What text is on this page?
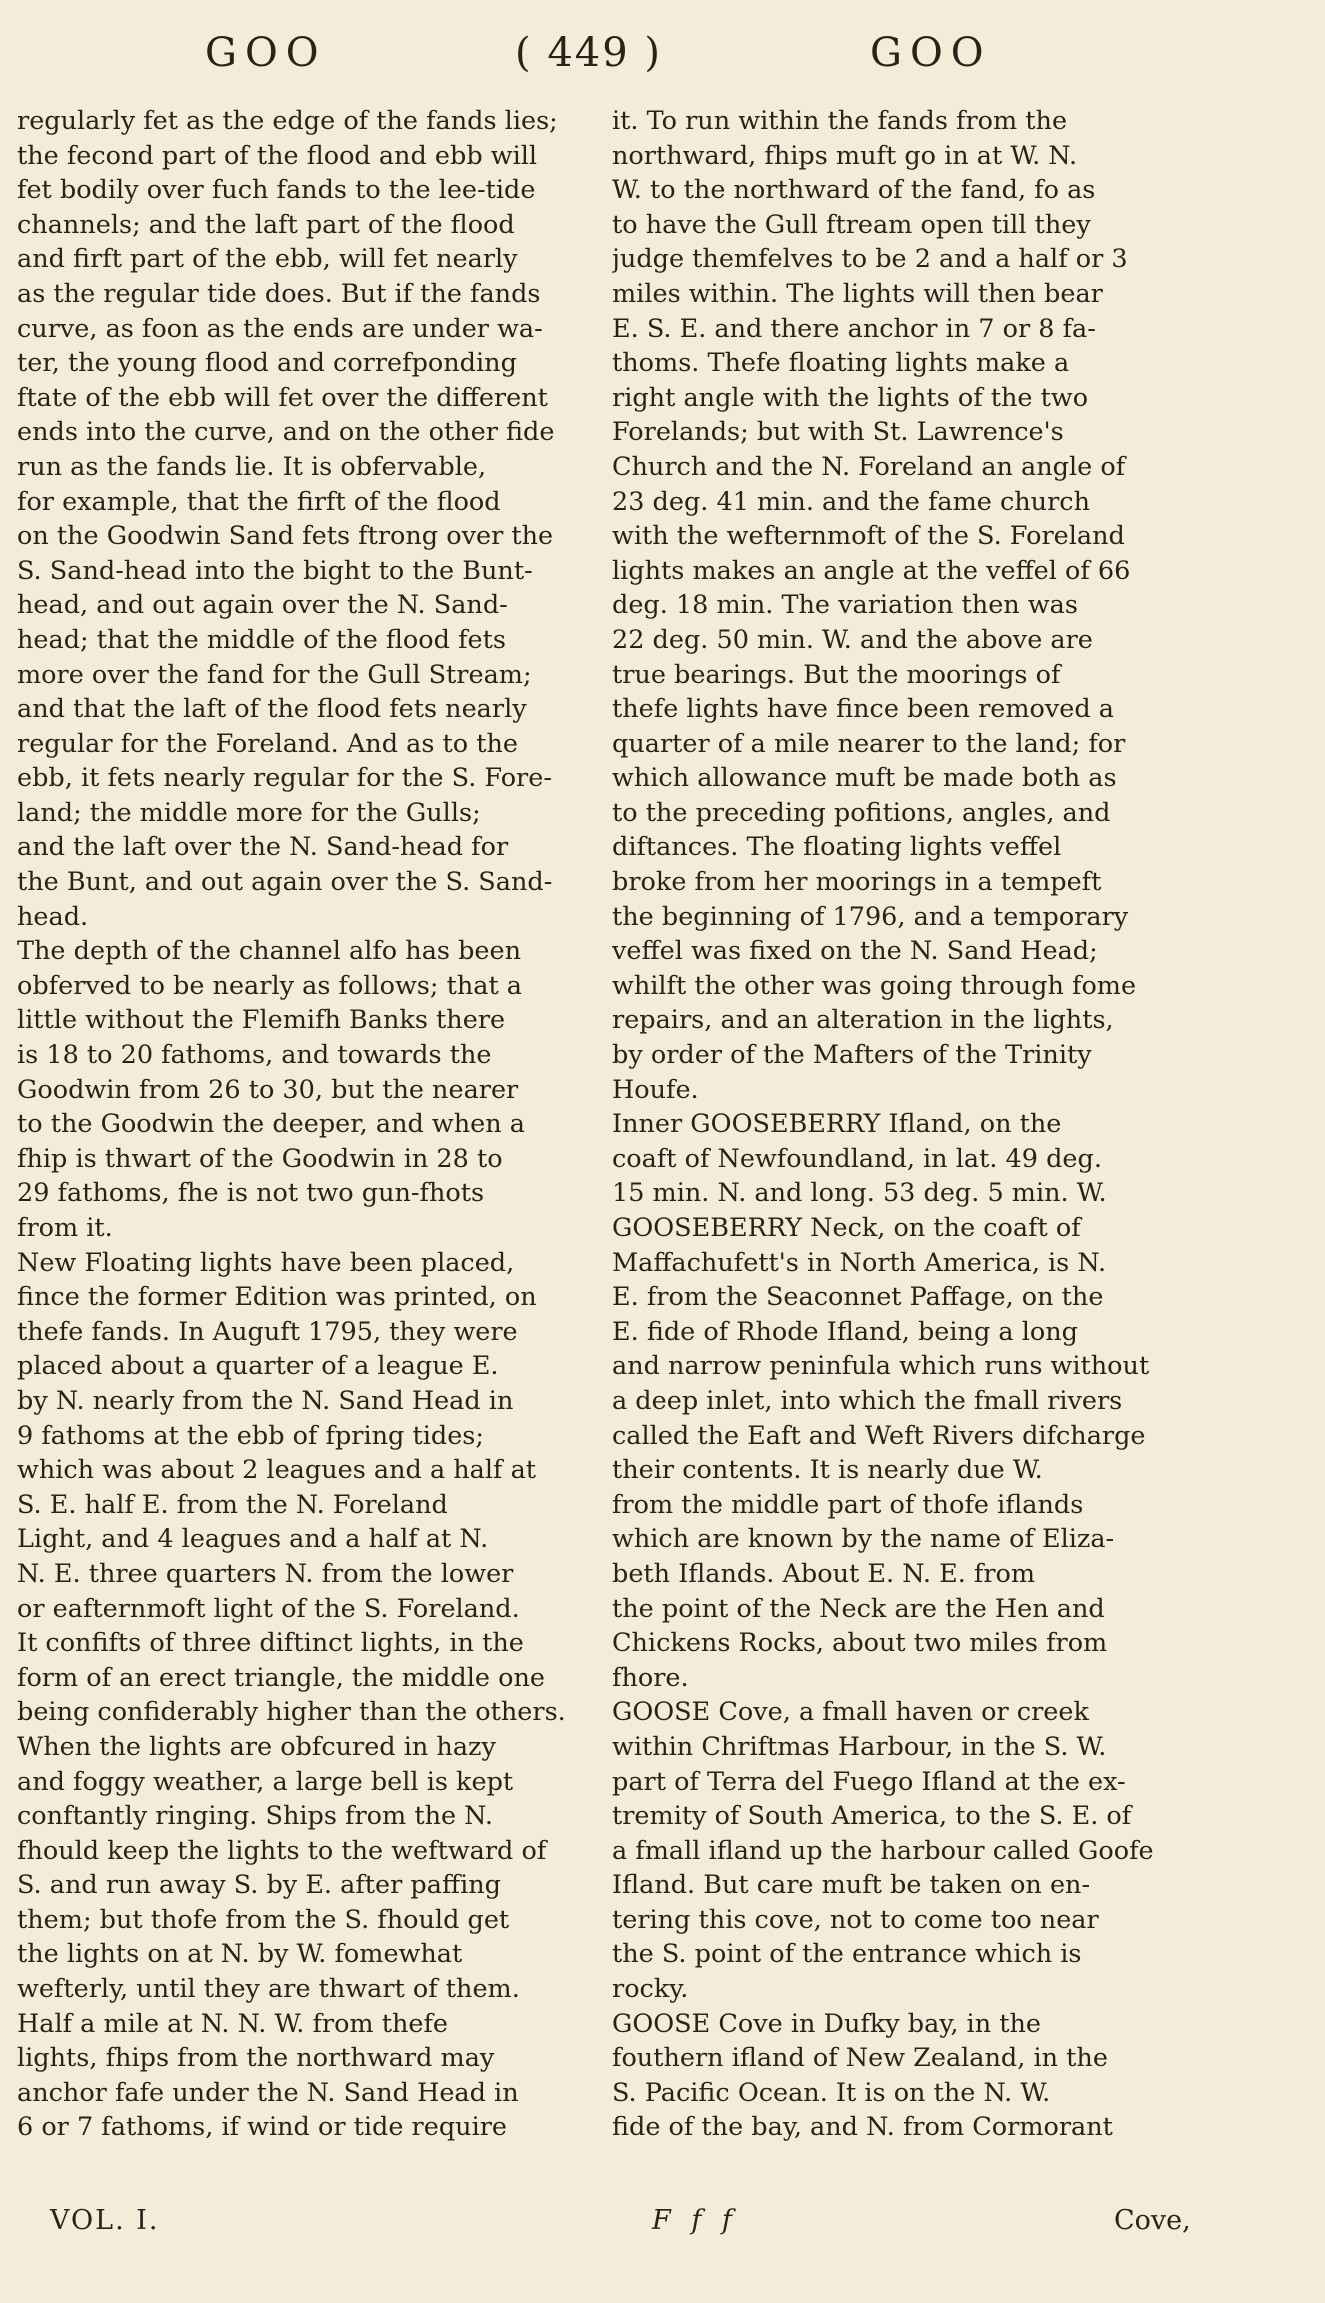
GOO	( 449 )	GOO
regularly fet as the edge of the fands lies;
the fecond part of the flood and ebb will
fet bodily over fuch fands to the lee-tide
channels; and the laft part of the flood
and firft part of the ebb, will fet nearly
as the regular tide does. But if the fands
curve, as foon as the ends are under wa-
ter, the young flood and correfponding
ftate of the ebb will fet over the different
ends into the curve, and on the other fide
run as the fands lie. It is obfervable,
for example, that the firft of the flood
on the Goodwin Sand fets ftrong over the
S. Sand-head into the bight to the Bunt-
head, and out again over the N. Sand-
head; that the middle of the flood fets
more over the fand for the Gull Stream;
and that the laft of the flood fets nearly
regular for the Foreland. And as to the
ebb, it fets nearly regular for the S. Fore-
land; the middle more for the Gulls;
and the laft over the N. Sand-head for
the Bunt, and out again over the S. Sand-
head.
The depth of the channel alfo has been
obferved to be nearly as follows; that a
little without the Flemifh Banks there
is 18 to 20 fathoms, and towards the
Goodwin from 26 to 30, but the nearer
to the Goodwin the deeper, and when a
fhip is thwart of the Goodwin in 28 to
29 fathoms, fhe is not two gun-fhots
from it.
New Floating lights have been placed,
fince the former Edition was printed, on
thefe fands. In Auguft 1795, they were
placed about a quarter of a league E.
by N. nearly from the N. Sand Head in
9 fathoms at the ebb of fpring tides;
which was about 2 leagues and a half at
S. E. half E. from the N. Foreland
Light, and 4 leagues and a half at N.
N. E. three quarters N. from the lower
or eafternmoft light of the S. Foreland.
It confifts of three diftinct lights, in the
form of an erect triangle, the middle one
being confiderably higher than the others.
When the lights are obfcured in hazy
and foggy weather, a large bell is kept
conftantly ringing. Ships from the N.
fhould keep the lights to the weftward of
S. and run away S. by E. after paffing
them; but thofe from the S. fhould get
the lights on at N. by W. fomewhat
wefterly, until they are thwart of them.
Half a mile at N. N. W. from thefe
lights, fhips from the northward may
anchor fafe under the N. Sand Head in
6 or 7 fathoms, if wind or tide require
it. To run within the fands from the
northward, fhips muft go in at W. N.
W. to the northward of the fand, fo as
to have the Gull ftream open till they
judge themfelves to be 2 and a half or 3
miles within. The lights will then bear
E. S. E. and there anchor in 7 or 8 fa-
thoms. Thefe floating lights make a
right angle with the lights of the two
Forelands; but with St. Lawrence's
Church and the N. Foreland an angle of
23 deg. 41 min. and the fame church
with the wefternmoft of the S. Foreland
lights makes an angle at the veffel of 66
deg. 18 min. The variation then was
22 deg. 50 min. W. and the above are
true bearings. But the moorings of
thefe lights have fince been removed a
quarter of a mile nearer to the land; for
which allowance muft be made both as
to the preceding pofitions, angles, and
diftances. The floating lights veffel
broke from her moorings in a tempeft
the beginning of 1796, and a temporary
veffel was fixed on the N. Sand Head;
whilft the other was going through fome
repairs, and an alteration in the lights,
by order of the Mafters of the Trinity
Houfe.
Inner GOOSEBERRY Ifland, on the
coaft of Newfoundland, in lat. 49 deg.
15 min. N. and long. 53 deg. 5 min. W.
GOOSEBERRY Neck, on the coaft of
Maffachufett's in North America, is N.
E. from the Seaconnet Paffage, on the
E. fide of Rhode Ifland, being a long
and narrow peninfula which runs without
a deep inlet, into which the fmall rivers
called the Eaft and Weft Rivers difcharge
their contents. It is nearly due W.
from the middle part of thofe iflands
which are known by the name of Eliza-
beth Iflands. About E. N. E. from
the point of the Neck are the Hen and
Chickens Rocks, about two miles from
fhore.
GOOSE Cove, a fmall haven or creek
within Chriftmas Harbour, in the S. W.
part of Terra del Fuego Ifland at the ex-
tremity of South America, to the S. E. of
a fmall ifland up the harbour called Goofe
Ifland. But care muft be taken on en-
tering this cove, not to come too near
the S. point of the entrance which is
rocky.
GOOSE Cove in Dufky bay, in the
fouthern ifland of New Zealand, in the
S. Pacific Ocean. It is on the N. W.
fide of the bay, and N. from Cormorant
VOL. I.	F f f	Cove,
